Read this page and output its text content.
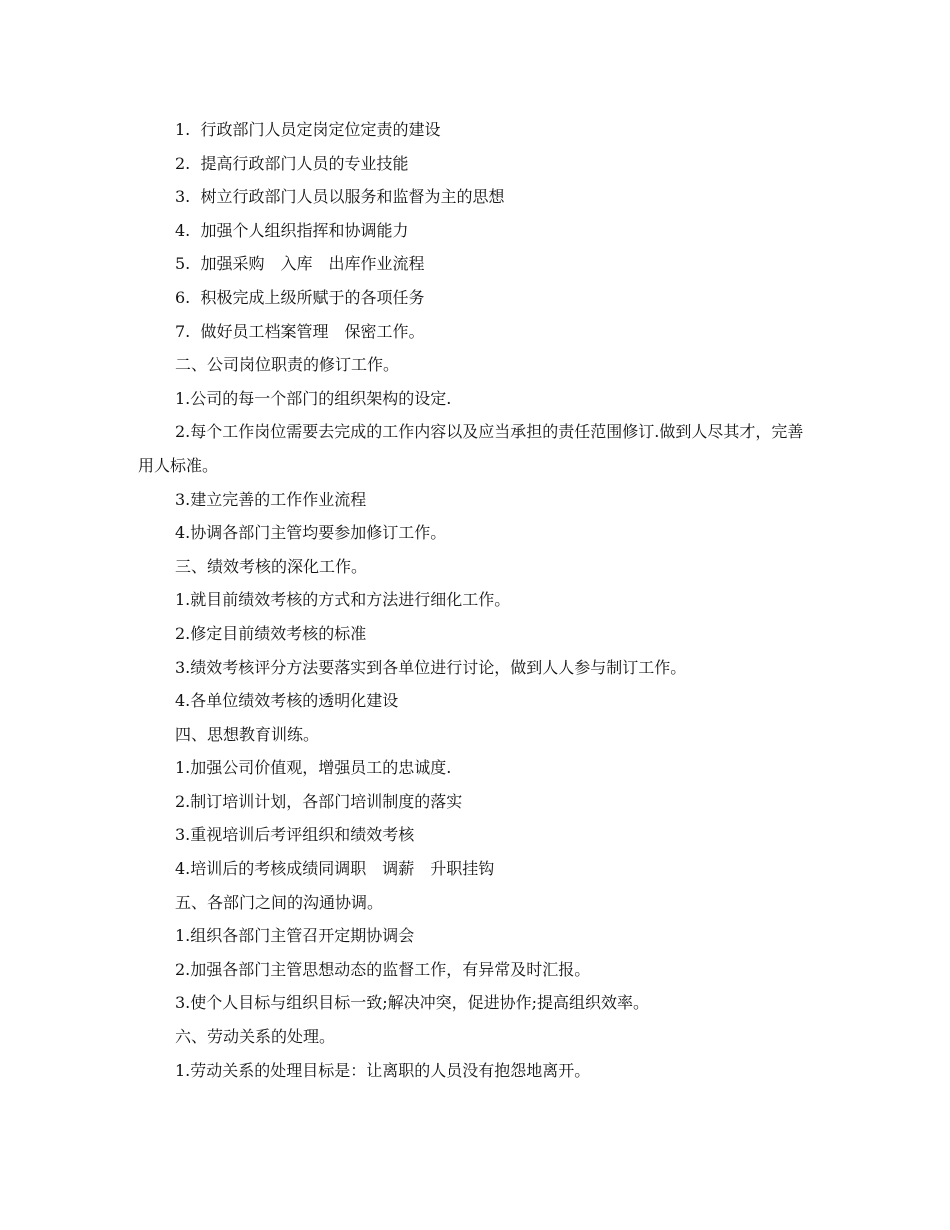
1.  行政部门人员定岗定位定责的建设

2.  提高行政部门人员的专业技能

3.  树立行政部门人员以服务和监督为主的思想

4.  加强个人组织指挥和协调能力

5.  加强采购　入库　出库作业流程

6.  积极完成上级所赋于的各项任务

7.  做好员工档案管理　保密工作。

二、公司岗位职责的修订工作。

1.公司的每一个部门的组织架构的设定.

2.每个工作岗位需要去完成的工作内容以及应当承担的责任范围修订.做到人尽其才，完善用人标准。

3.建立完善的工作作业流程

4.协调各部门主管均要参加修订工作。

三、绩效考核的深化工作。

1.就目前绩效考核的方式和方法进行细化工作。

2.修定目前绩效考核的标准

3.绩效考核评分方法要落实到各单位进行讨论，做到人人参与制订工作。

4.各单位绩效考核的透明化建设

四、思想教育训练。

1.加强公司价值观，增强员工的忠诚度.

2.制订培训计划，各部门培训制度的落实

3.重视培训后考评组织和绩效考核

4.培训后的考核成绩同调职　调薪　升职挂钩

五、各部门之间的沟通协调。

1.组织各部门主管召开定期协调会

2.加强各部门主管思想动态的监督工作，有异常及时汇报。

3.使个人目标与组织目标一致;解决冲突，促进协作;提高组织效率。

六、劳动关系的处理。

1.劳动关系的处理目标是：让离职的人员没有抱怨地离开。
